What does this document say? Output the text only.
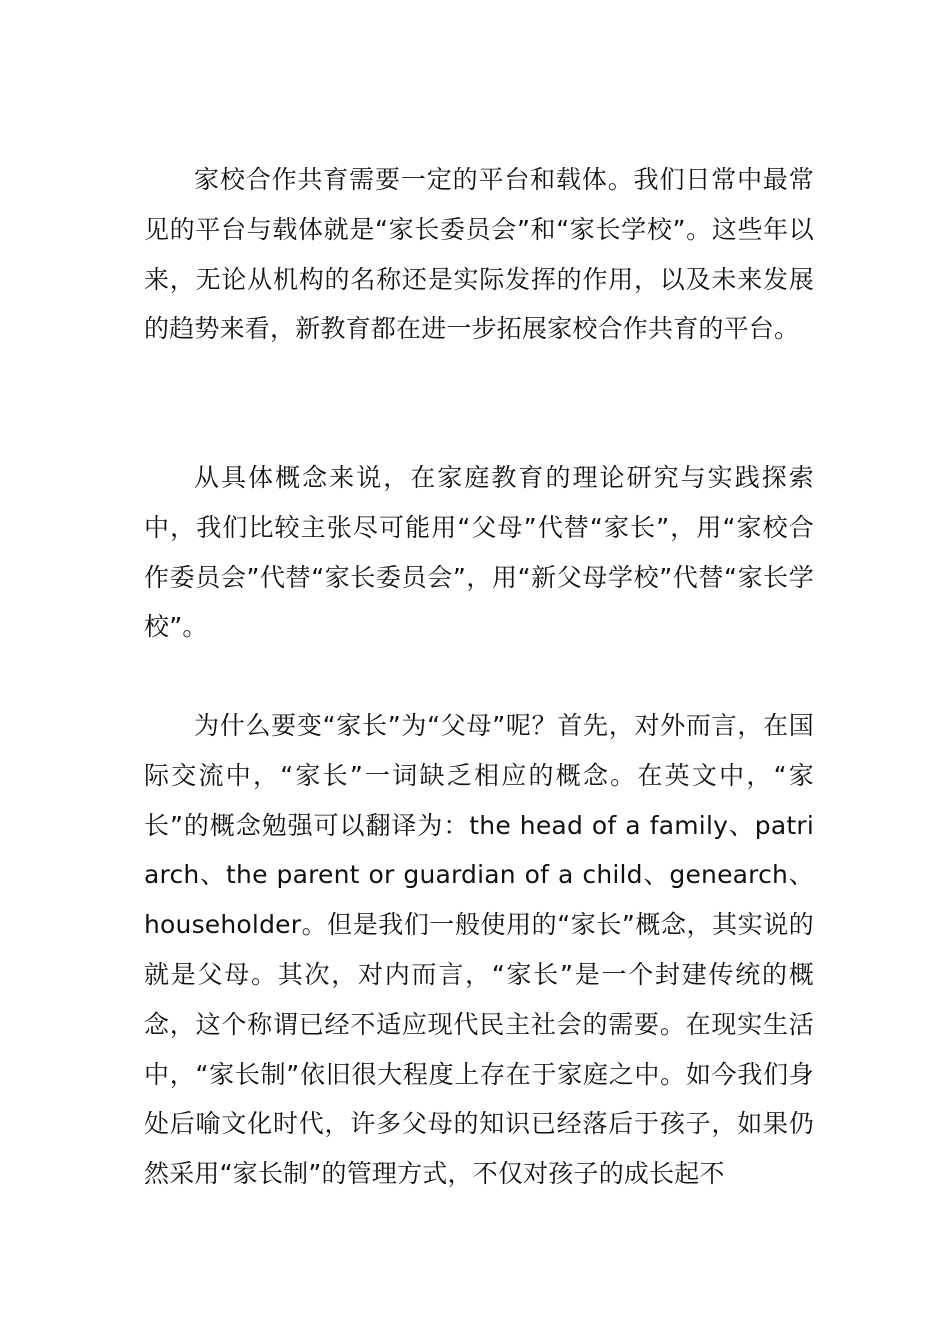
家校合作共育需要一定的平台和载体。我们日常中最常见的平台与载体就是“家长委员会”和“家长学校”。这些年以来，无论从机构的名称还是实际发挥的作用，以及未来发展的趋势来看，新教育都在进一步拓展家校合作共育的平台。

从具体概念来说，在家庭教育的理论研究与实践探索中，我们比较主张尽可能用“父母”代替“家长”，用“家校合作委员会”代替“家长委员会”，用“新父母学校”代替“家长学校”。

为什么要变“家长”为“父母”呢？首先，对外而言，在国际交流中，“家长”一词缺乏相应的概念。在英文中，“家长”的概念勉强可以翻译为：the head of a family、patriarch、the parent or guardian of a child、genearch、householder。但是我们一般使用的“家长”概念，其实说的就是父母。其次，对内而言，“家长”是一个封建传统的概念，这个称谓已经不适应现代民主社会的需要。在现实生活中，“家长制”依旧很大程度上存在于家庭之中。如今我们身处后喻文化时代，许多父母的知识已经落后于孩子，如果仍然采用“家长制”的管理方式，不仅对孩子的成长起不
